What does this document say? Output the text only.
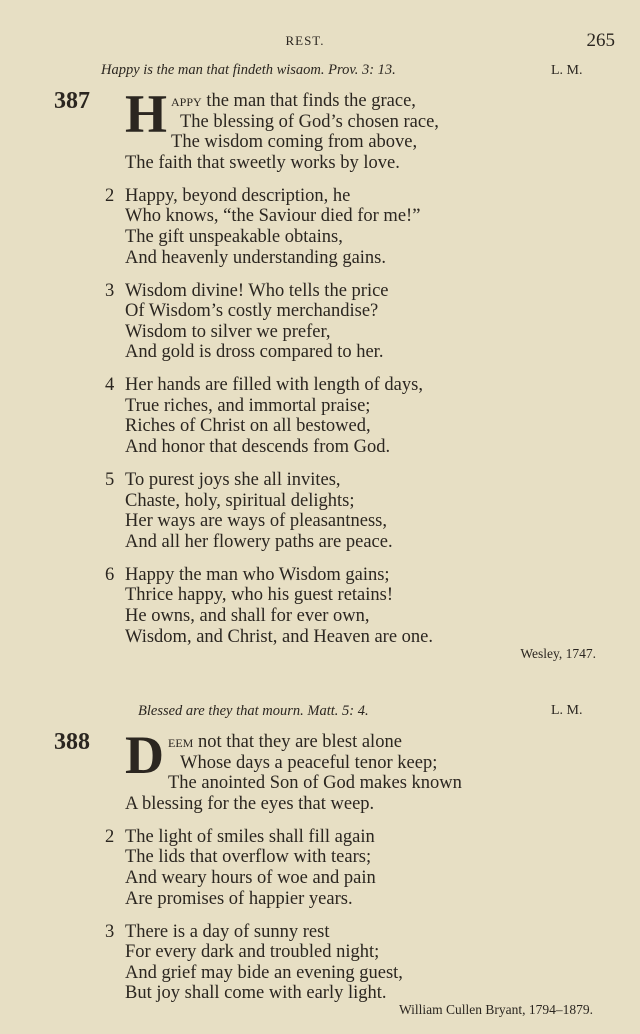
REST.	265
Happy is the man that findeth wisaom. Prov. 3: 13.	L. M.
387 H appy the man that finds the grace,
The blessing of God’s chosen race,
The wisdom coming from above,
The faith that sweetly works by love.
2 Happy, beyond description, he
Who knows, “the Saviour died for me!”
The gift unspeakable obtains,
And heavenly understanding gains.
3 Wisdom divine! Who tells the price
Of Wisdom’s costly merchandise?
Wisdom to silver we prefer,
And gold is dross compared to her.
4 Her hands are filled with length of days,
True riches, and immortal praise;
Riches of Christ on all bestowed,
And honor that descends from God.
5 To purest joys she all invites,
Chaste, holy, spiritual delights;
Her ways are ways of pleasantness,
And all her flowery paths are peace.
6 Happy the man who Wisdom gains;
Thrice happy, who his guest retains!
He owns, and shall for ever own,
Wisdom, and Christ, and Heaven are one.
Wesley, 1747.
Blessed are they that mourn. Matt. 5: 4.	L. M.
388 D eem not that they are blest alone
Whose days a peaceful tenor keep;
The anointed Son of God makes known
A blessing for the eyes that weep.
2 The light of smiles shall fill again
The lids that overflow with tears;
And weary hours of woe and pain
Are promises of happier years.
3 There is a day of sunny rest
For every dark and troubled night;
And grief may bide an evening guest,
But joy shall come with early light.
William Cullen Bryant, 1794–1879.
